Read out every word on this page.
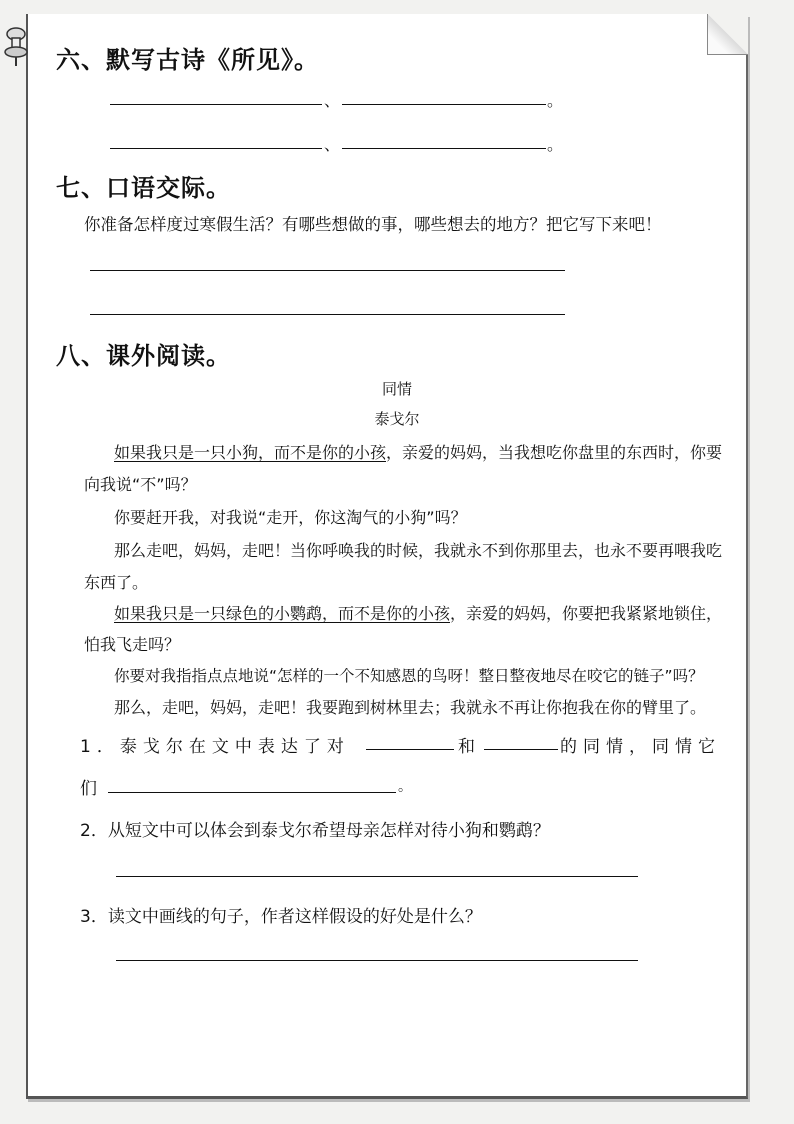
六、默写古诗《所见》。
、	。
、	。
七、口语交际。
你准备怎样度过寒假生活？有哪些想做的事，哪些想去的地方？把它写下来吧！
八、课外阅读。
同情
泰戈尔
如果我只是一只小狗，而不是你的小孩，亲爱的妈妈，当我想吃你盘里的东西时，你要
向我说“不”吗？
你要赶开我，对我说“走开，你这淘气的小狗”吗？
那么走吧，妈妈，走吧！当你呼唤我的时候，我就永不到你那里去，也永不要再喂我吃
东西了。
如果我只是一只绿色的小鹦鹉，而不是你的小孩，亲爱的妈妈，你要把我紧紧地锁住，
怕我飞走吗？
你要对我指指点点地说“怎样的一个不知感恩的鸟呀！整日整夜地尽在咬它的链子”吗？
那么，走吧，妈妈，走吧！我要跑到树林里去；我就永不再让你抱我在你的臂里了。
1．泰戈尔在文中表达了对	和	的同情，同情它
们	。
2．从短文中可以体会到泰戈尔希望母亲怎样对待小狗和鹦鹉？
3．读文中画线的句子，作者这样假设的好处是什么？
